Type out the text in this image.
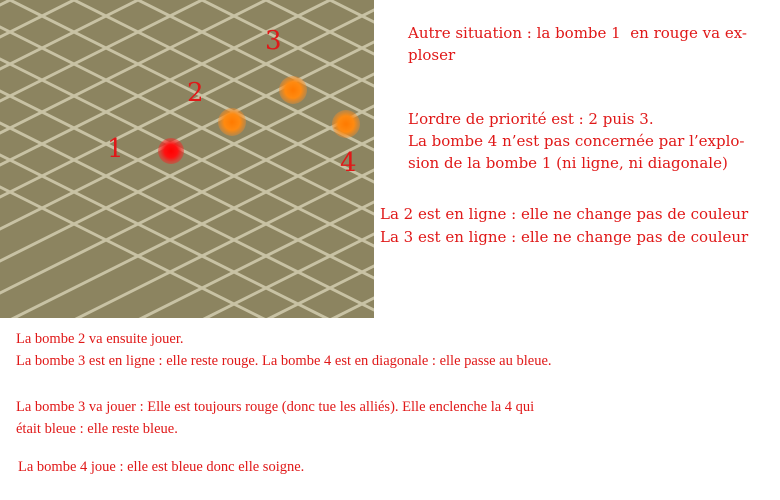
1
2
3
4
Autre situation : la bombe 1  en rouge va ex-
ploser
L’ordre de priorité est : 2 puis 3.
La bombe 4 n’est pas concernée par l’explo-
sion de la bombe 1 (ni ligne, ni diagonale)
La 2 est en ligne : elle ne change pas de couleur
La 3 est en ligne : elle ne change pas de couleur
La bombe 2 va ensuite jouer.
La bombe 3 est en ligne : elle reste rouge. La bombe 4 est en diagonale : elle passe au bleue.
La bombe 3 va jouer : Elle est toujours rouge (donc tue les alliés). Elle enclenche la 4 qui
était bleue : elle reste bleue.
La bombe 4 joue : elle est bleue donc elle soigne.
